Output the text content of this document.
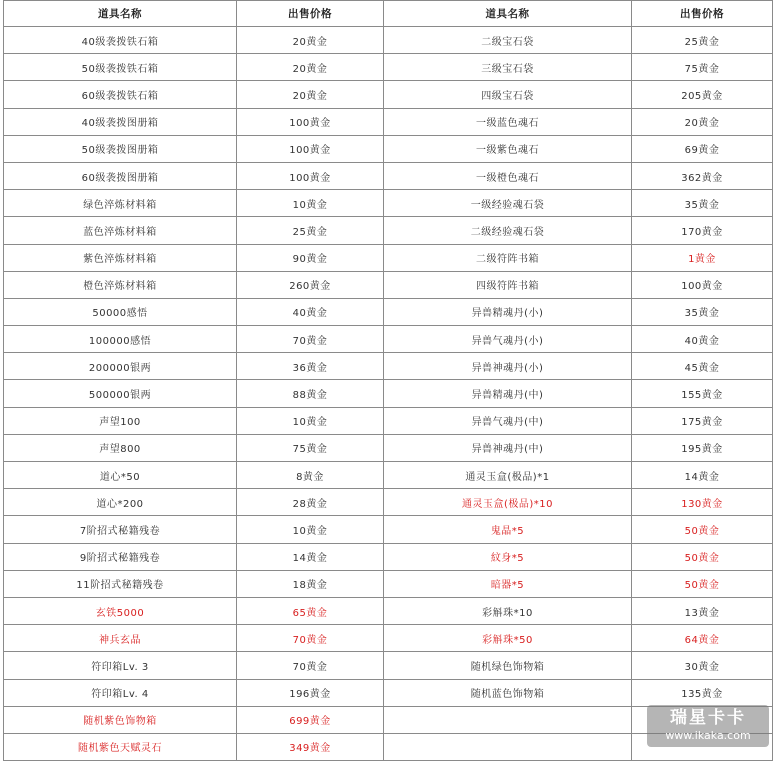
道具名称	出售价格	道具名称	出售价格
40级袭拨铁石箱	20黄金	二级宝石袋	25黄金
50级袭拨铁石箱	20黄金	三级宝石袋	75黄金
60级袭拨铁石箱	20黄金	四级宝石袋	205黄金
40级袭拨图册箱	100黄金	一级蓝色魂石	20黄金
50级袭拨图册箱	100黄金	一级紫色魂石	69黄金
60级袭拨图册箱	100黄金	一级橙色魂石	362黄金
绿色淬炼材料箱	10黄金	一级经验魂石袋	35黄金
蓝色淬炼材料箱	25黄金	二级经验魂石袋	170黄金
紫色淬炼材料箱	90黄金	二级符阵书箱	1黄金
橙色淬炼材料箱	260黄金	四级符阵书箱	100黄金
50000感悟	40黄金	异兽精魂丹(小)	35黄金
100000感悟	70黄金	异兽气魂丹(小)	40黄金
200000银两	36黄金	异兽神魂丹(小)	45黄金
500000银两	88黄金	异兽精魂丹(中)	155黄金
声望100	10黄金	异兽气魂丹(中)	175黄金
声望800	75黄金	异兽神魂丹(中)	195黄金
道心*50	8黄金	通灵玉盒(极品)*1	14黄金
道心*200	28黄金	通灵玉盒(极品)*10	130黄金
7阶招式秘籍残卷	10黄金	鬼晶*5	50黄金
9阶招式秘籍残卷	14黄金	紋身*5	50黄金
11阶招式秘籍残卷	18黄金	暗器*5	50黄金
玄铁5000	65黄金	彩斛珠*10	13黄金
神兵玄晶	70黄金	彩斛珠*50	64黄金
符印箱Lv. 3	70黄金	随机绿色饰物箱	30黄金
符印箱Lv. 4	196黄金	随机蓝色饰物箱	135黄金
随机紫色饰物箱	699黄金		
随机紫色天赋灵石	349黄金		
瑞星卡卡
www.ikaka.com
